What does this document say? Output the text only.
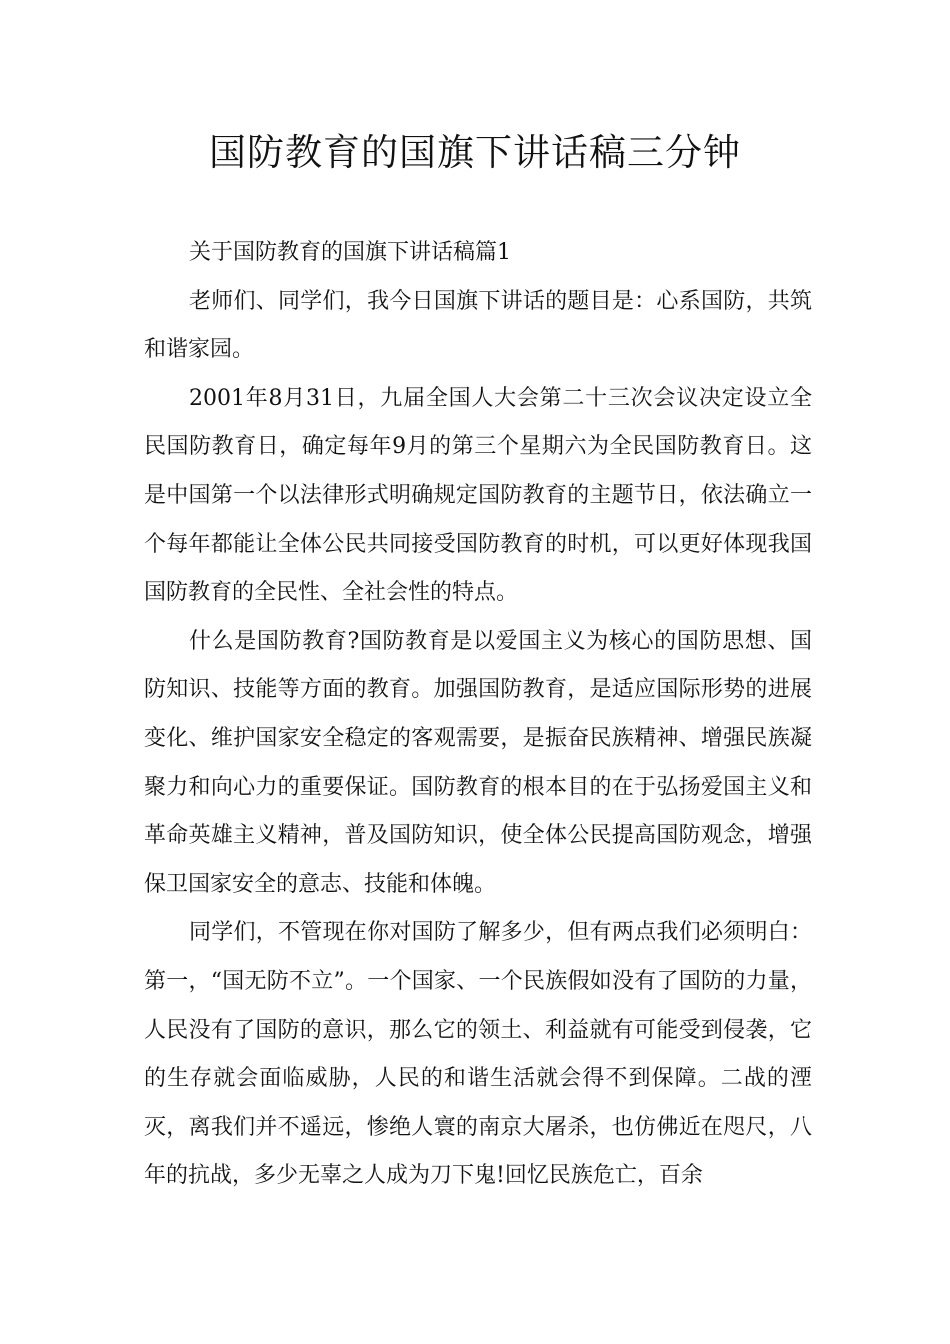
国防教育的国旗下讲话稿三分钟

关于国防教育的国旗下讲话稿篇1

老师们、同学们，我今日国旗下讲话的题目是：心系国防，共筑和谐家园。

2001年8月31日，九届全国人大会第二十三次会议决定设立全民国防教育日，确定每年9月的第三个星期六为全民国防教育日。这是中国第一个以法律形式明确规定国防教育的主题节日，依法确立一个每年都能让全体公民共同接受国防教育的时机，可以更好体现我国国防教育的全民性、全社会性的特点。

什么是国防教育?国防教育是以爱国主义为核心的国防思想、国防知识、技能等方面的教育。加强国防教育，是适应国际形势的进展变化、维护国家安全稳定的客观需要，是振奋民族精神、增强民族凝聚力和向心力的重要保证。国防教育的根本目的在于弘扬爱国主义和革命英雄主义精神，普及国防知识，使全体公民提高国防观念，增强保卫国家安全的意志、技能和体魄。

同学们，不管现在你对国防了解多少，但有两点我们必须明白：第一，“国无防不立”。一个国家、一个民族假如没有了国防的力量，人民没有了国防的意识，那么它的领土、利益就有可能受到侵袭，它的生存就会面临威胁，人民的和谐生活就会得不到保障。二战的湮灭，离我们并不遥远，惨绝人寰的南京大屠杀，也仿佛近在咫尺，八年的抗战，多少无辜之人成为刀下鬼!回忆民族危亡，百余
